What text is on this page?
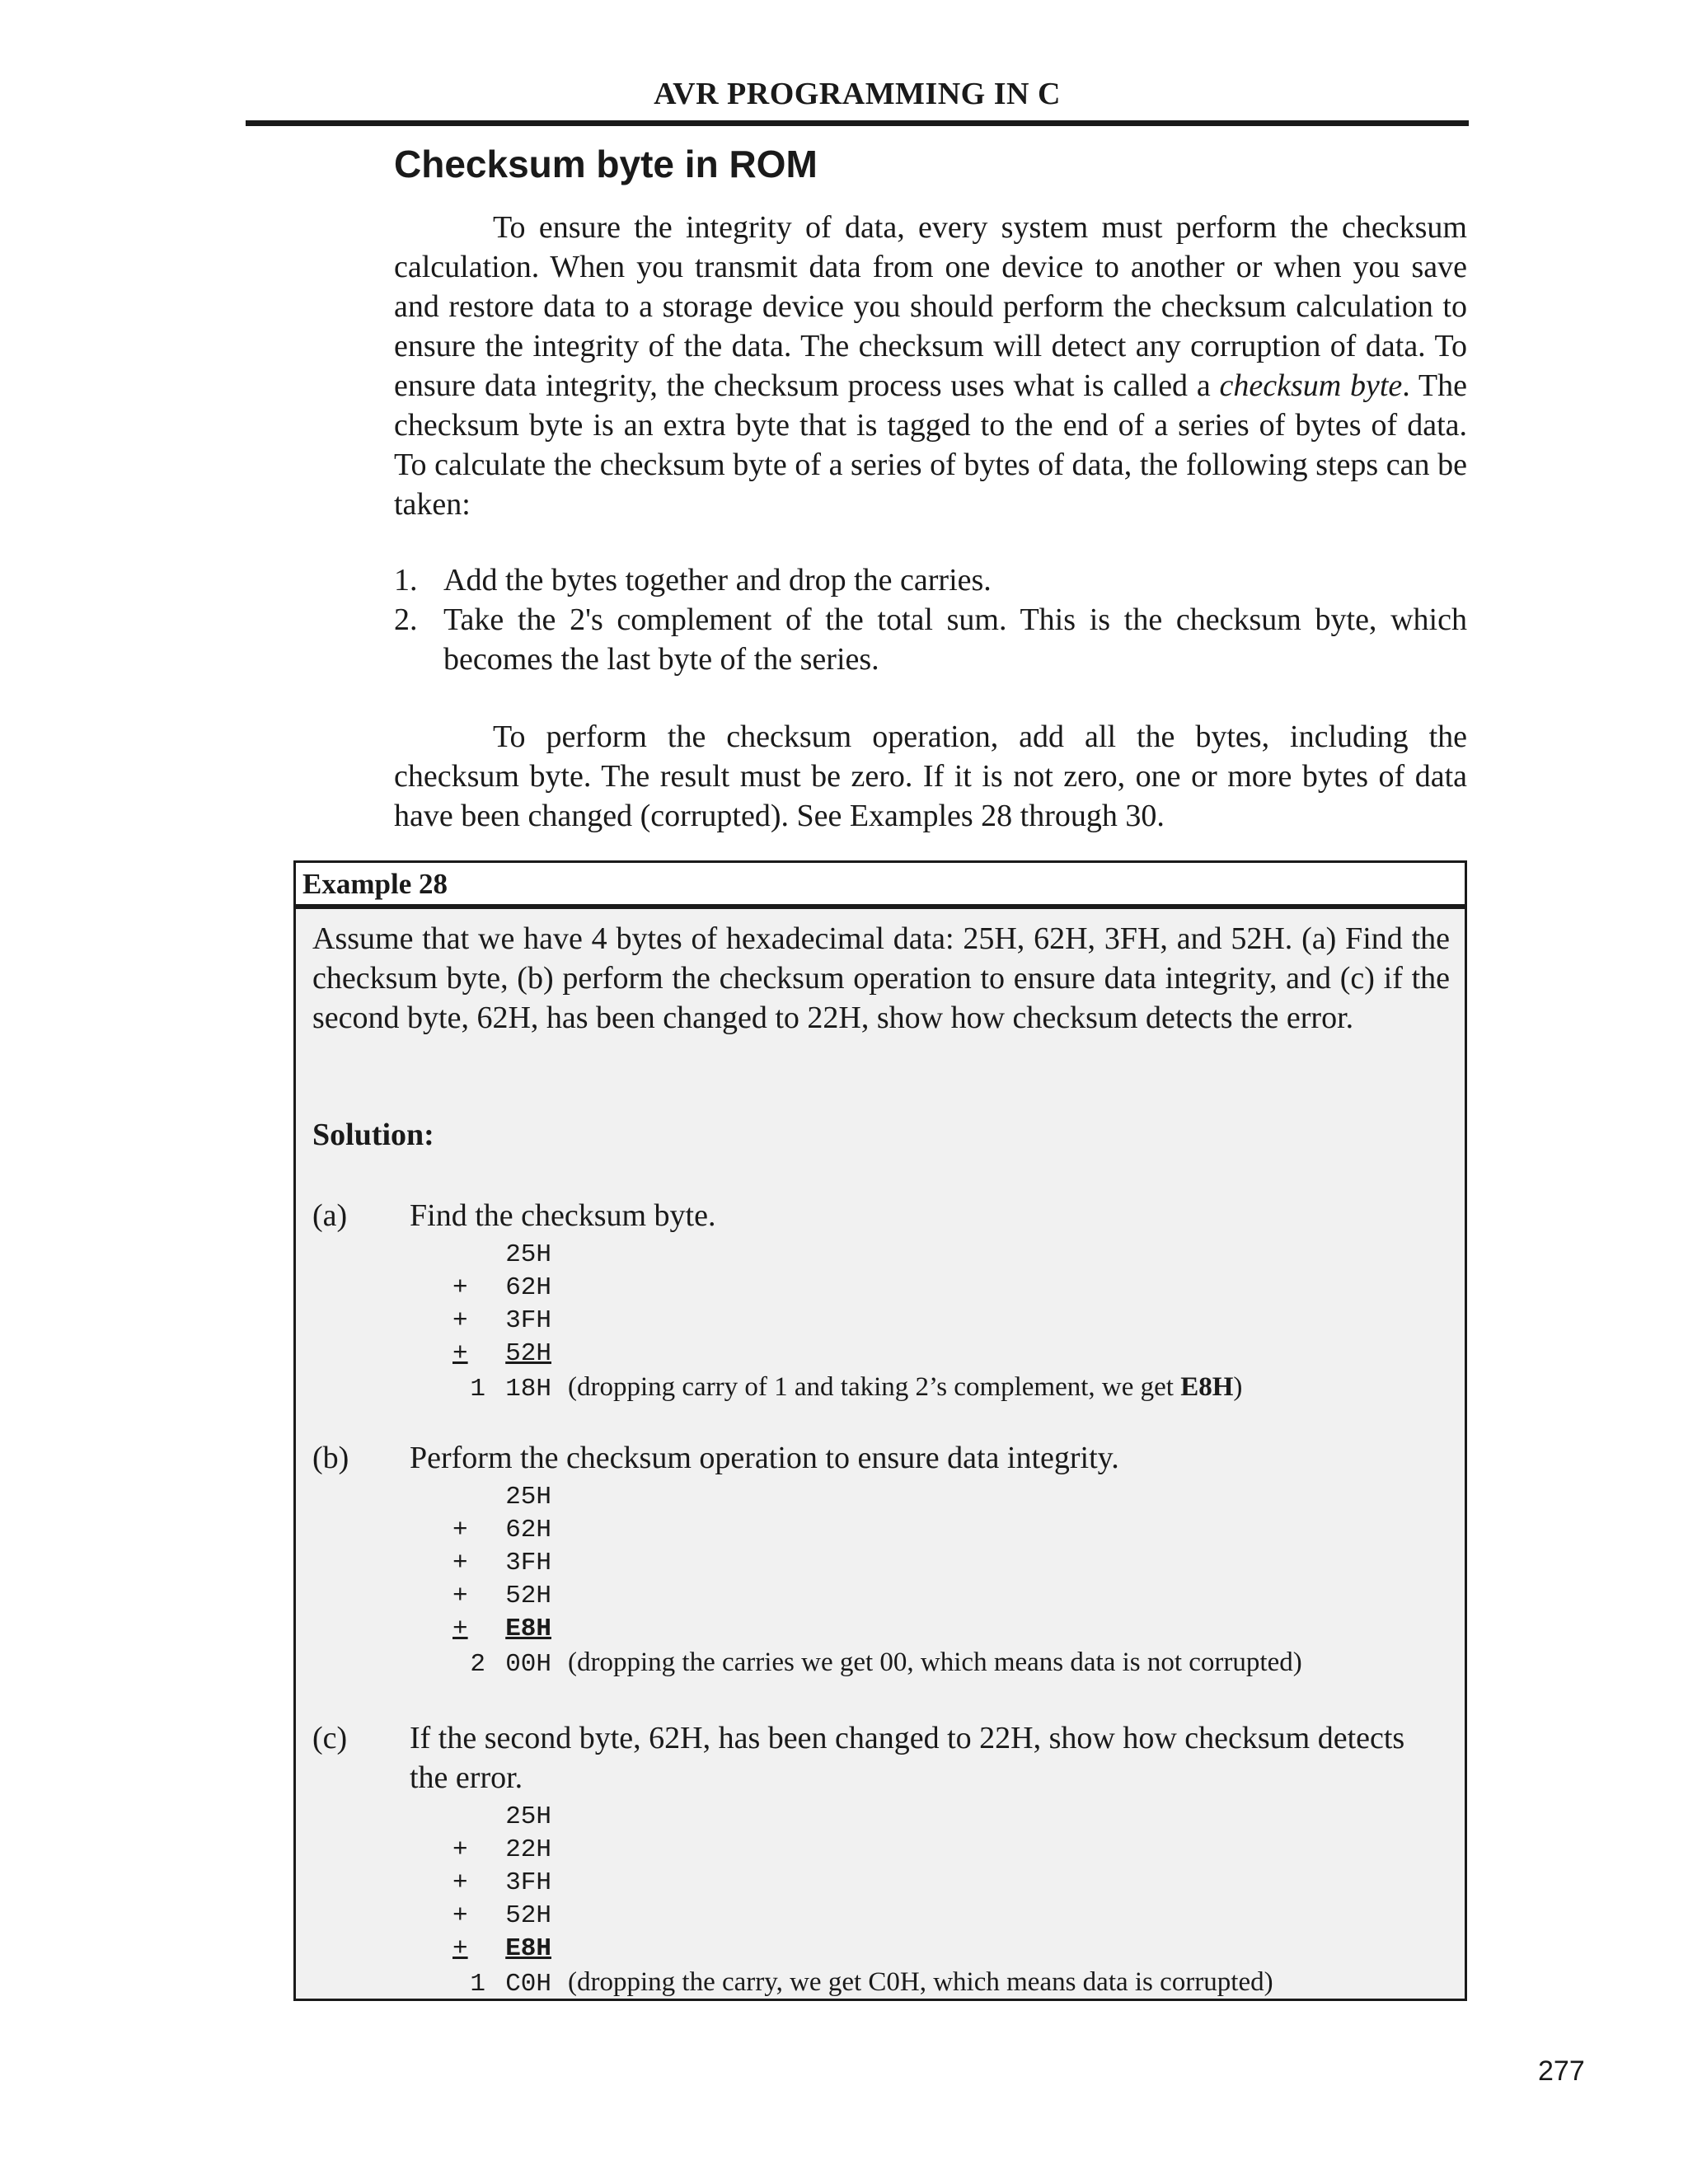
AVR PROGRAMMING IN C
Checksum byte in ROM

To ensure the integrity of data, every system must perform the checksum calculation. When you transmit data from one device to another or when you save and restore data to a storage device you should perform the checksum calculation to ensure the integrity of the data. The checksum will detect any corruption of data. To ensure data integrity, the checksum process uses what is called a checksum byte. The checksum byte is an extra byte that is tagged to the end of a series of bytes of data. To calculate the checksum byte of a series of bytes of data, the following steps can be taken:

1. Add the bytes together and drop the carries.
2. Take the 2's complement of the total sum. This is the checksum byte, which becomes the last byte of the series.

To perform the checksum operation, add all the bytes, including the checksum byte. The result must be zero. If it is not zero, one or more bytes of data have been changed (corrupted). See Examples 28 through 30.

Example 28

Assume that we have 4 bytes of hexadecimal data: 25H, 62H, 3FH, and 52H. (a) Find the checksum byte, (b) perform the checksum operation to ensure data integrity, and (c) if the second byte, 62H, has been changed to 22H, show how checksum detects the error.

Solution:
(a) Find the checksum byte.
25H
+ 62H
+ 3FH
+ 52H
1 18H (dropping carry of 1 and taking 2’s complement, we get E8H)
(b) Perform the checksum operation to ensure data integrity.
25H
+ 62H
+ 3FH
+ 52H
+ E8H
2 00H (dropping the carries we get 00, which means data is not corrupted)
(c) If the second byte, 62H, has been changed to 22H, show how checksum detects the error.
25H
+ 22H
+ 3FH
+ 52H
+ E8H
1 C0H (dropping the carry, we get C0H, which means data is corrupted)
277
